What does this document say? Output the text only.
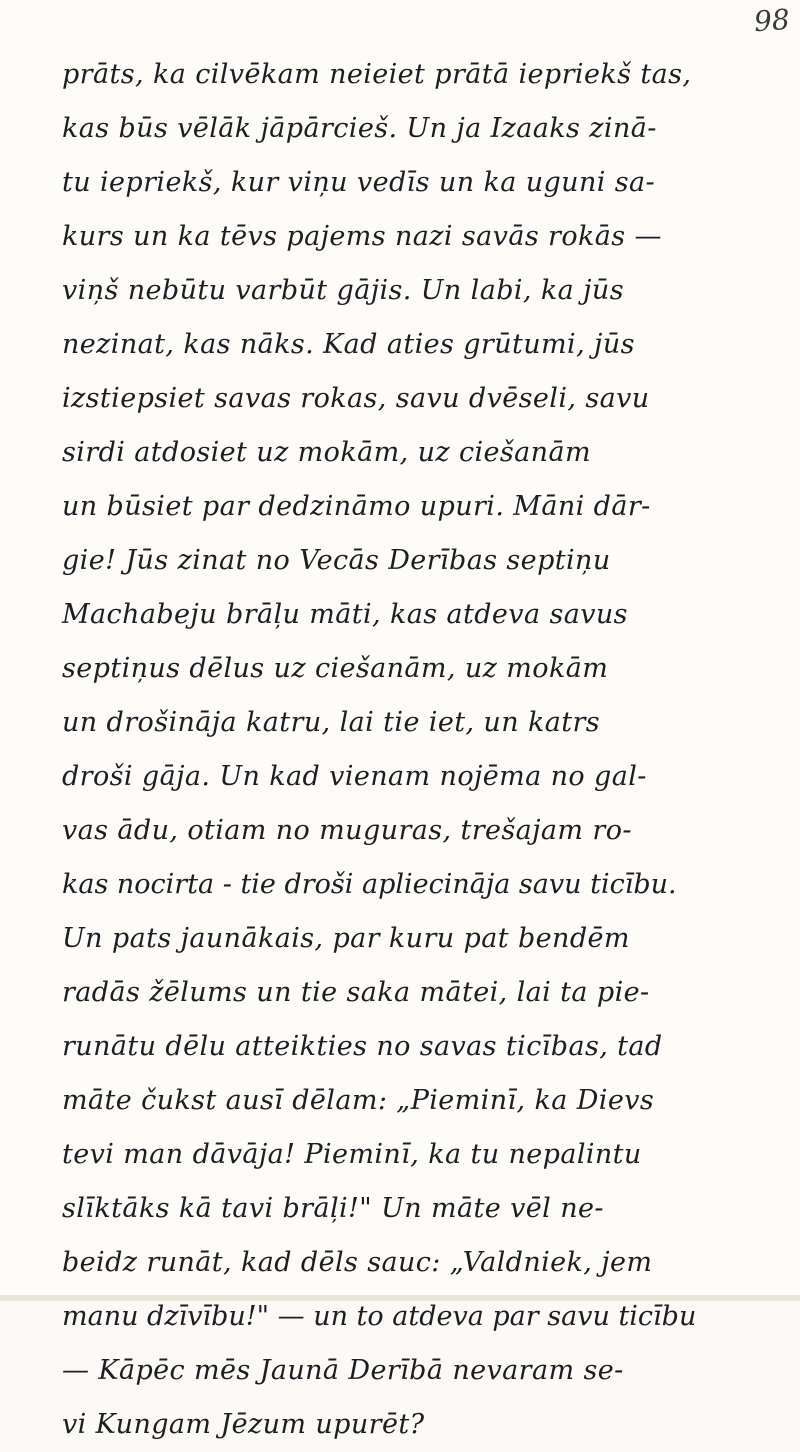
98
prāts, ka cilvēkam neieiet prātā iepriekš tas,
kas būs vēlāk jāpārcieš. Un ja Izaaks zinā-
tu iepriekš, kur viņu vedīs un ka uguni sa-
kurs un ka tēvs pajems nazi savās rokās —
viņš nebūtu varbūt gājis. Un labi, ka jūs
nezinat, kas nāks. Kad aties grūtumi, jūs
izstiepsiet savas rokas, savu dvēseli, savu
sirdi atdosiet uz mokām, uz ciešanām
un būsiet par dedzināmo upuri. Māni dār-
gie! Jūs zinat no Vecās Derības septiņu
Machabeju brāļu māti, kas atdeva savus
septiņus dēlus uz ciešanām, uz mokām
un drošināja katru, lai tie iet, un katrs
droši gāja. Un kad vienam nojēma no gal-
vas ādu, otiam no muguras, trešajam ro-
kas nocirta - tie droši apliecināja savu ticību.
Un pats jaunākais, par kuru pat bendēm
radās žēlums un tie saka mātei, lai ta pie-
runātu dēlu atteikties no savas ticības, tad
māte čukst ausī dēlam: „Pieminī, ka Dievs
tevi man dāvāja! Pieminī, ka tu nepalintu
slīktāks kā tavi brāļi!" Un māte vēl ne-
beidz runāt, kad dēls sauc: „Valdniek, jem
manu dzīvību!" — un to atdeva par savu ticību
— Kāpēc mēs Jaunā Derībā nevaram se-
vi Kungam Jēzum upurēt?
